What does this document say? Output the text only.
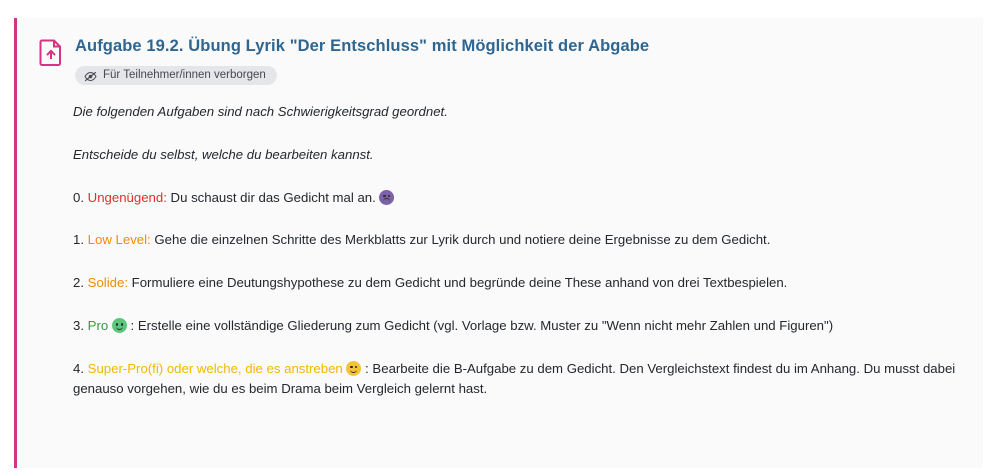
Aufgabe 19.2. Übung Lyrik "Der Entschluss" mit Möglichkeit der Abgabe
Für Teilnehmer/innen verborgen

Die folgenden Aufgaben sind nach Schwierigkeitsgrad geordnet.

Entscheide du selbst, welche du bearbeiten kannst.

0. Ungenügend: Du schaust dir das Gedicht mal an.

1. Low Level: Gehe die einzelnen Schritte des Merkblatts zur Lyrik durch und notiere deine Ergebnisse zu dem Gedicht.

2. Solide: Formuliere eine Deutungshypothese zu dem Gedicht und begründe deine These anhand von drei Textbespielen.

3. Pro : Erstelle eine vollständige Gliederung zum Gedicht (vgl. Vorlage bzw. Muster zu "Wenn nicht mehr Zahlen und Figuren")

4. Super-Pro(fi) oder welche, die es anstreben : Bearbeite die B-Aufgabe zu dem Gedicht. Den Vergleichstext findest du im Anhang. Du musst dabei genauso vorgehen, wie du es beim Drama beim Vergleich gelernt hast.
